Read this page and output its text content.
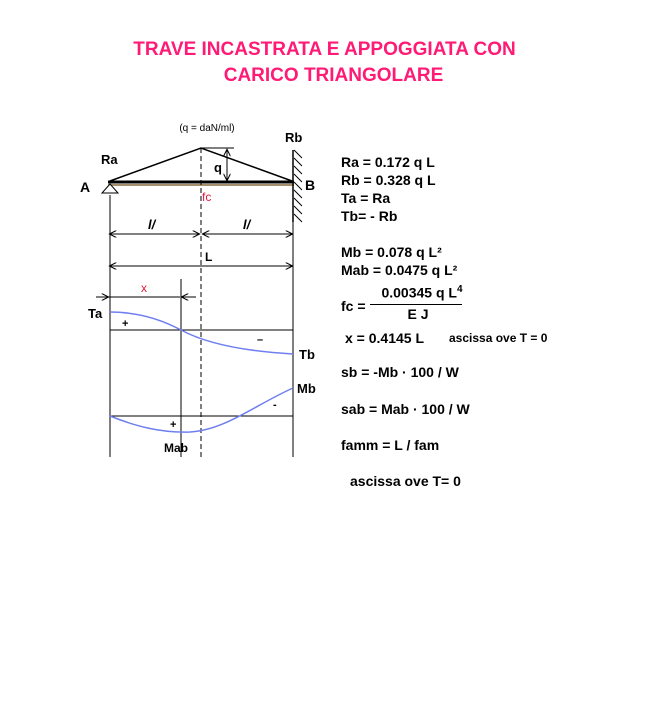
TRAVE INCASTRATA E APPOGGIATA CON
CARICO TRIANGOLARE
(q = daN/ml)
q
A
Ra
B
Rb
fc
l/	l/
L
x
Ta
Tb
+
–
Mb
+
-
Mab
Ra = 0.172 q L
Rb = 0.328 q L
Ta = Ra
Tb= - Rb
Mb = 0.078 q L²
Mab = 0.0475 q L²
fc =
0.00345 q $L^4$
E J
x = 0.4145 L ascissa ove T = 0
sb = -Mb · 100 / W
sab = Mab · 100 / W
famm = L / fam
ascissa ove T= 0
